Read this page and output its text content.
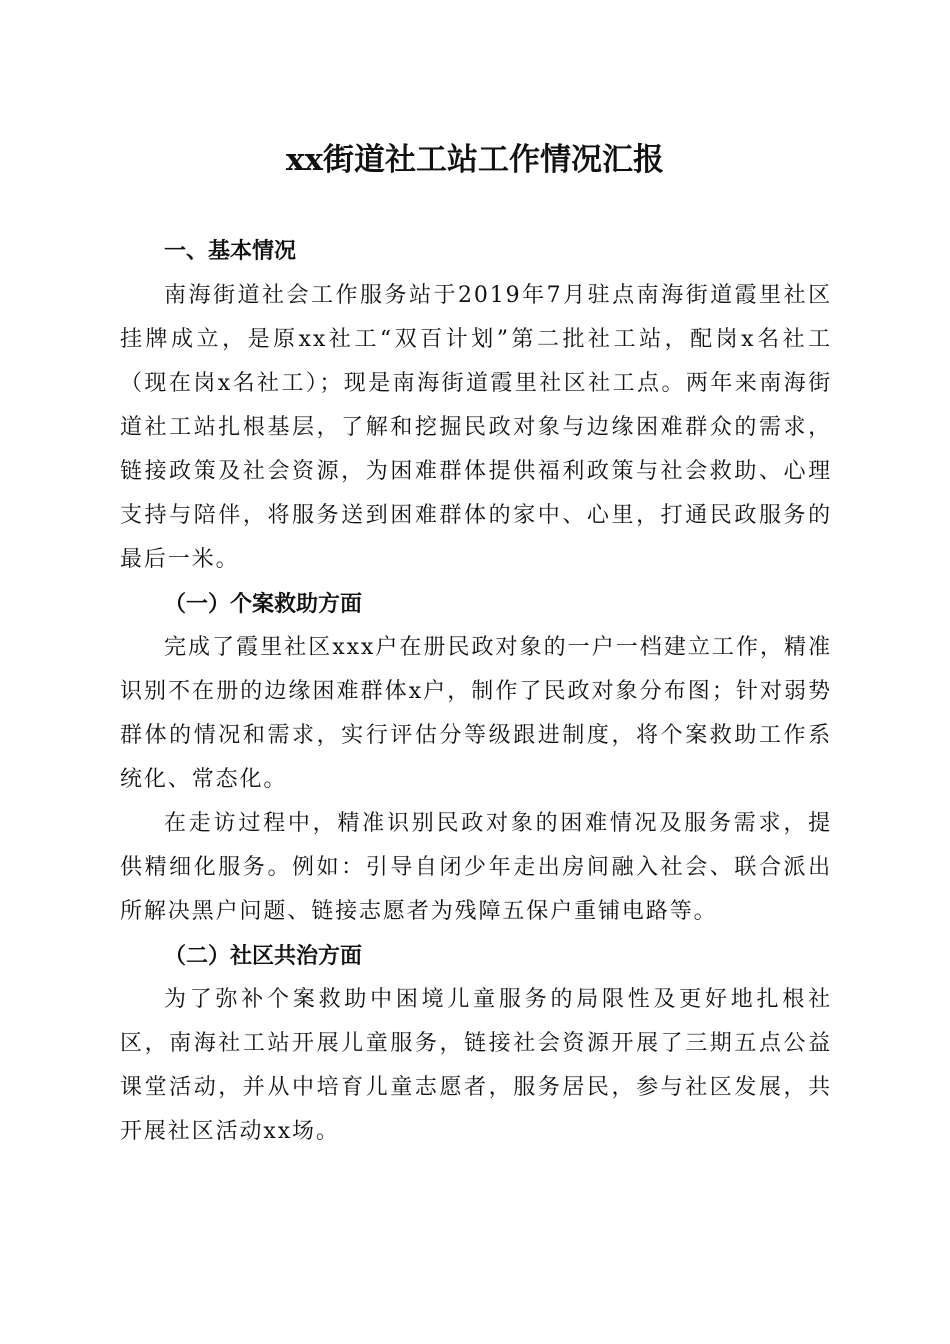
xx街道社工站工作情况汇报
一、基本情况

南海街道社会工作服务站于2019年7月驻点南海街道霞里社区挂牌成立，是原xx社工“双百计划”第二批社工站，配岗x名社工（现在岗x名社工）；现是南海街道霞里社区社工点。两年来南海街道社工站扎根基层，了解和挖掘民政对象与边缘困难群众的需求，链接政策及社会资源，为困难群体提供福利政策与社会救助、心理支持与陪伴，将服务送到困难群体的家中、心里，打通民政服务的最后一米。

（一）个案救助方面

完成了霞里社区xxx户在册民政对象的一户一档建立工作，精准识别不在册的边缘困难群体x户，制作了民政对象分布图；针对弱势群体的情况和需求，实行评估分等级跟进制度，将个案救助工作系统化、常态化。

在走访过程中，精准识别民政对象的困难情况及服务需求，提供精细化服务。例如：引导自闭少年走出房间融入社会、联合派出所解决黑户问题、链接志愿者为残障五保户重铺电路等。

（二）社区共治方面

为了弥补个案救助中困境儿童服务的局限性及更好地扎根社区，南海社工站开展儿童服务，链接社会资源开展了三期五点公益课堂活动，并从中培育儿童志愿者，服务居民，参与社区发展，共开展社区活动xx场。
